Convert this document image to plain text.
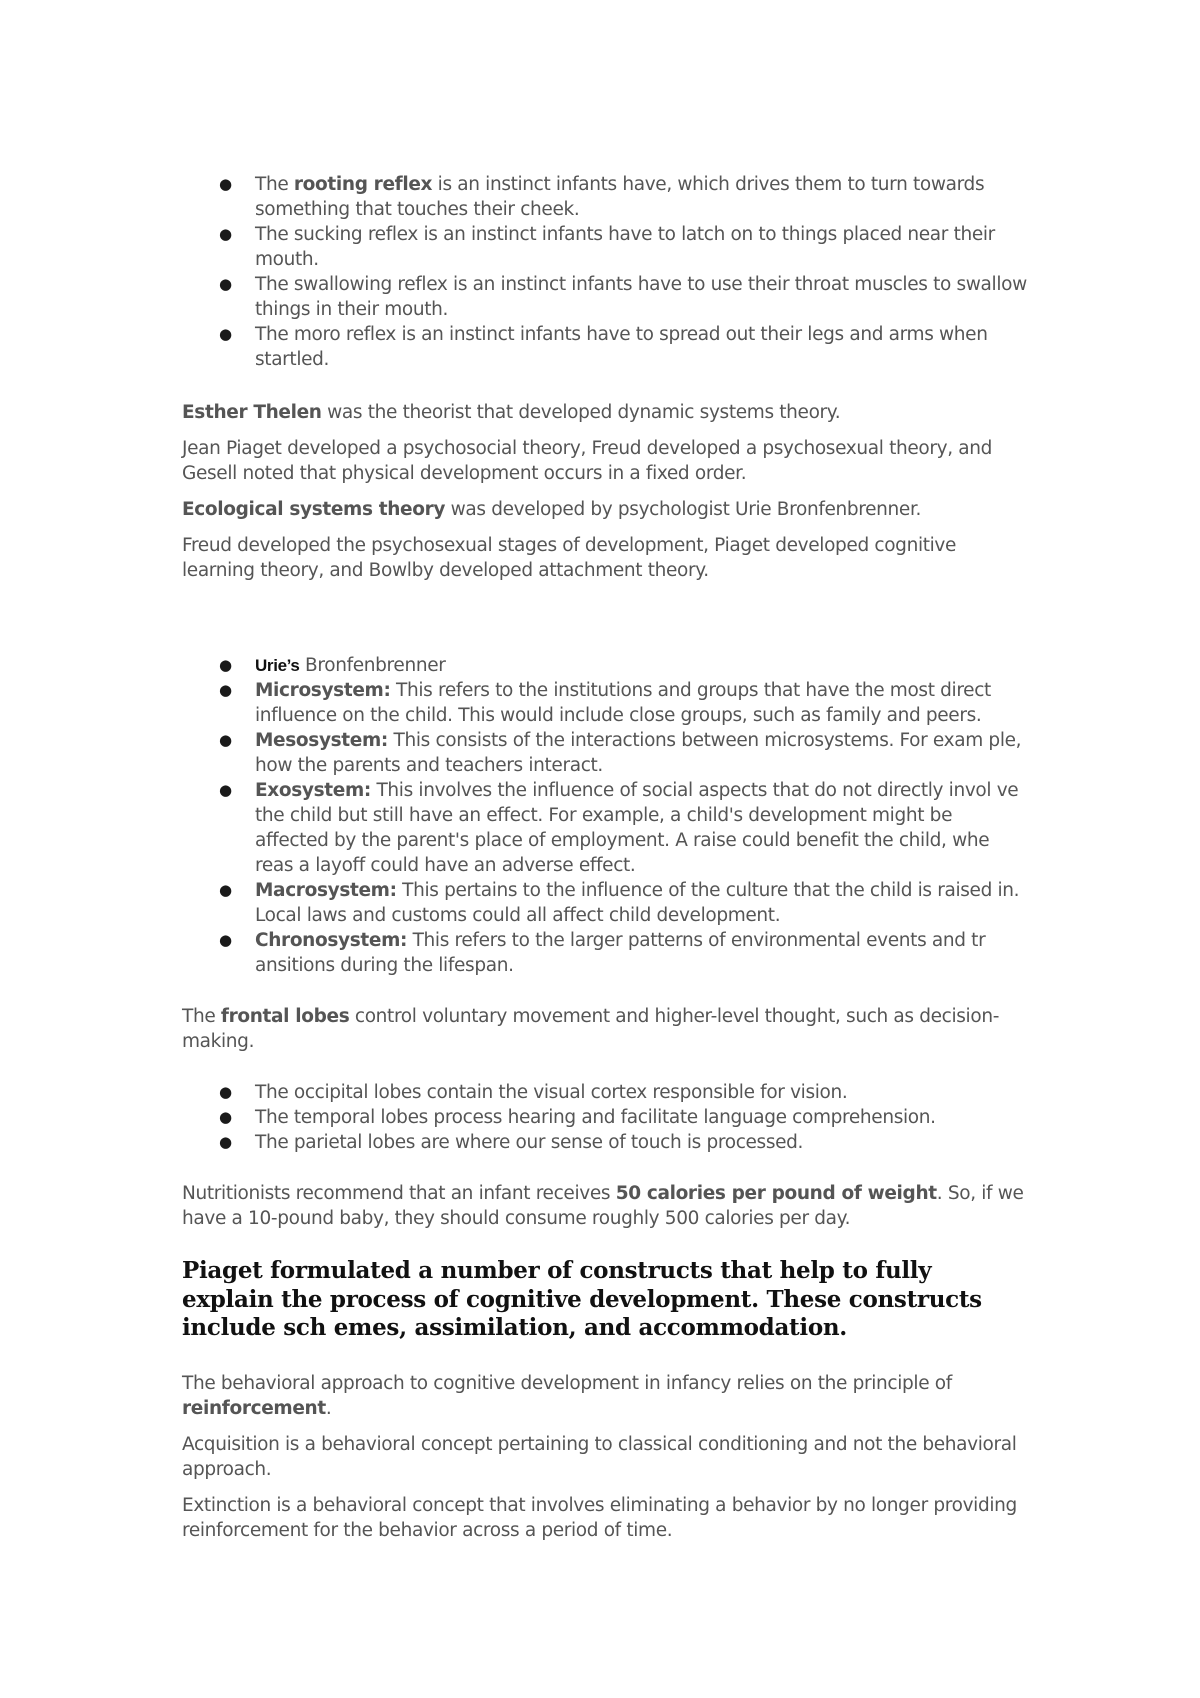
● The rooting reflex is an instinct infants have, which drives them to turn towards something that touches their cheek.
● The sucking reflex is an instinct infants have to latch on to things placed near their mouth.
● The swallowing reflex is an instinct infants have to use their throat muscles to swallow things in their mouth.
● The moro reflex is an instinct infants have to spread out their legs and arms when startled.

Esther Thelen was the theorist that developed dynamic systems theory.

Jean Piaget developed a psychosocial theory, Freud developed a psychosexual theory, and Gesell noted that physical development occurs in a fixed order.

Ecological systems theory was developed by psychologist Urie Bronfenbrenner.

Freud developed the psychosexual stages of development, Piaget developed cognitive learning theory, and Bowlby developed attachment theory.

● Urie’s Bronfenbrenner
● Microsystem: This refers to the institutions and groups that have the most direct influence on the child. This would include close groups, such as family and peers.
● Mesosystem: This consists of the interactions between microsystems. For exam ple, how the parents and teachers interact.
● Exosystem: This involves the influence of social aspects that do not directly invol ve the child but still have an effect. For example, a child's development might be affected by the parent's place of employment. A raise could benefit the child, whe reas a layoff could have an adverse effect.
● Macrosystem: This pertains to the influence of the culture that the child is raised in. Local laws and customs could all affect child development.
● Chronosystem: This refers to the larger patterns of environmental events and tr ansitions during the lifespan.

The frontal lobes control voluntary movement and higher-level thought, such as decision-making.

● The occipital lobes contain the visual cortex responsible for vision.
● The temporal lobes process hearing and facilitate language comprehension.
● The parietal lobes are where our sense of touch is processed.

Nutritionists recommend that an infant receives 50 calories per pound of weight. So, if we have a 10-pound baby, they should consume roughly 500 calories per day.

Piaget formulated a number of constructs that help to fully explain the process of cognitive development. These constructs include sch emes, assimilation, and accommodation.

The behavioral approach to cognitive development in infancy relies on the principle of reinforcement.

Acquisition is a behavioral concept pertaining to classical conditioning and not the behavioral approach.

Extinction is a behavioral concept that involves eliminating a behavior by no longer providing reinforcement for the behavior across a period of time.
